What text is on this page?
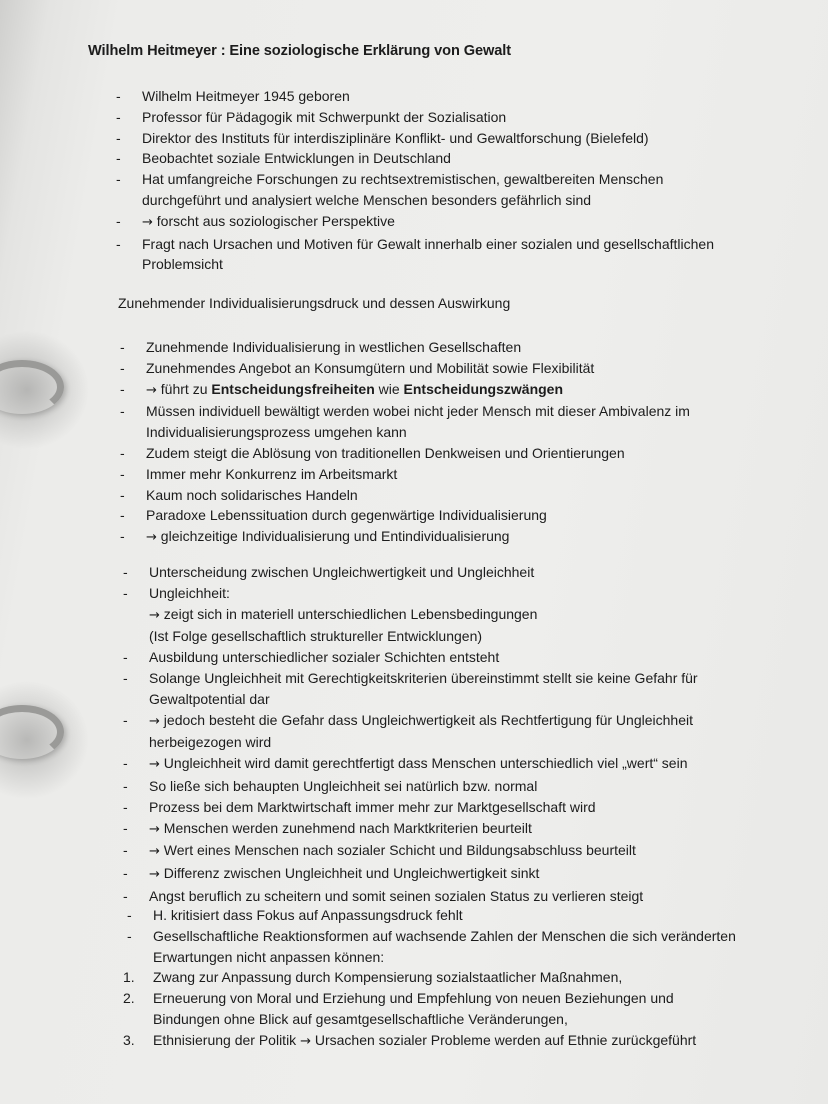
Wilhelm Heitmeyer : Eine soziologische Erklärung von Gewalt
- Wilhelm Heitmeyer 1945 geboren
- Professor für Pädagogik mit Schwerpunkt der Sozialisation
- Direktor des Instituts für interdisziplinäre Konflikt- und Gewaltforschung (Bielefeld)
- Beobachtet soziale Entwicklungen in Deutschland
- Hat umfangreiche Forschungen zu rechtsextremistischen, gewaltbereiten Menschen
durchgeführt und analysiert welche Menschen besonders gefährlich sind
- → forscht aus soziologischer Perspektive
- Fragt nach Ursachen und Motiven für Gewalt innerhalb einer sozialen und gesellschaftlichen
Problemsicht
Zunehmender Individualisierungsdruck und dessen Auswirkung
- Zunehmende Individualisierung in westlichen Gesellschaften
- Zunehmendes Angebot an Konsumgütern und Mobilität sowie Flexibilität
- → führt zu Entscheidungsfreiheiten wie Entscheidungszwängen
- Müssen individuell bewältigt werden wobei nicht jeder Mensch mit dieser Ambivalenz im
Individualisierungsprozess umgehen kann
- Zudem steigt die Ablösung von traditionellen Denkweisen und Orientierungen
- Immer mehr Konkurrenz im Arbeitsmarkt
- Kaum noch solidarisches Handeln
- Paradoxe Lebenssituation durch gegenwärtige Individualisierung
- → gleichzeitige Individualisierung und Entindividualisierung
- Unterscheidung zwischen Ungleichwertigkeit und Ungleichheit
- Ungleichheit:
→ zeigt sich in materiell unterschiedlichen Lebensbedingungen
(Ist Folge gesellschaftlich struktureller Entwicklungen)
- Ausbildung unterschiedlicher sozialer Schichten entsteht
- Solange Ungleichheit mit Gerechtigkeitskriterien übereinstimmt stellt sie keine Gefahr für
Gewaltpotential dar
- → jedoch besteht die Gefahr dass Ungleichwertigkeit als Rechtfertigung für Ungleichheit
herbeigezogen wird
- → Ungleichheit wird damit gerechtfertigt dass Menschen unterschiedlich viel „wert“ sein
- So ließe sich behaupten Ungleichheit sei natürlich bzw. normal
- Prozess bei dem Marktwirtschaft immer mehr zur Marktgesellschaft wird
- → Menschen werden zunehmend nach Marktkriterien beurteilt
- → Wert eines Menschen nach sozialer Schicht und Bildungsabschluss beurteilt
- → Differenz zwischen Ungleichheit und Ungleichwertigkeit sinkt
- Angst beruflich zu scheitern und somit seinen sozialen Status zu verlieren steigt
- H. kritisiert dass Fokus auf Anpassungsdruck fehlt
- Gesellschaftliche Reaktionsformen auf wachsende Zahlen der Menschen die sich veränderten
Erwartungen nicht anpassen können:
1. Zwang zur Anpassung durch Kompensierung sozialstaatlicher Maßnahmen,
2. Erneuerung von Moral und Erziehung und Empfehlung von neuen Beziehungen und
Bindungen ohne Blick auf gesamtgesellschaftliche Veränderungen,
3. Ethnisierung der Politik → Ursachen sozialer Probleme werden auf Ethnie zurückgeführt
